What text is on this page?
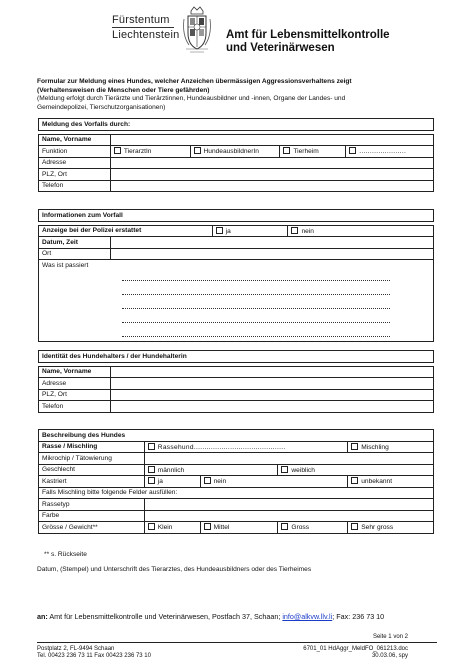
Fürstentum
Liechtenstein	Amt für Lebensmittelkontrolle
und Veterinärwesen
Formular zur Meldung eines Hundes, welcher Anzeichen übermässigen Aggressionsverhaltens zeigt
(Verhaltensweisen die Menschen oder Tiere gefährden)
(Meldung erfolgt durch Tierärzte und Tierärztinnen, Hundeausbildner und -innen, Organe der Landes- und
Gemeindepolizei, Tierschutzorganisationen)
Meldung des Vorfalls durch:				

Name, Vorname				
Funktion	TierarztIn	HundeausbildnerIn	Tierheim	......................
Adresse				
PLZ, Ort				
Telefon				
Informationen zum Vorfall			

Anzeige bei der Polizei erstattet		ja	nein
Datum, Zeit			
Ort			
Was ist passiert			
Identität des Hundehalters / der Hundehalterin	

Name, Vorname	
Adresse	
PLZ, Ort	
Telefon	
Beschreibung des Hundes				
Rasse / Mischling	Rassehund...........................................			Mischling
Mikrochip / Tätowierung				
Geschlecht	männlich		weiblich	
Kastriert	ja	nein		unbekannt
Falls Mischling bitte folgende Felder ausfüllen:				
Rassetyp				
Farbe				
Grösse / Gewicht**	Klein	Mittel	Gross	Sehr gross
** s. Rückseite
Datum, (Stempel) und Unterschrift des Tierarztes, des Hundeausbildners oder des Tierheimes
an: Amt für Lebensmittelkontrolle und Veterinärwesen, Postfach 37, Schaan; info@alkvw.llv.li; Fax: 236 73 10
Seite 1 von 2
Postplatz 2, FL-9494 Schaan
Tel. 00423 236 73 11 Fax 00423 236 73 10
6701_01 HdAggr_MeldFO_061213.doc
30.03.06, spy
